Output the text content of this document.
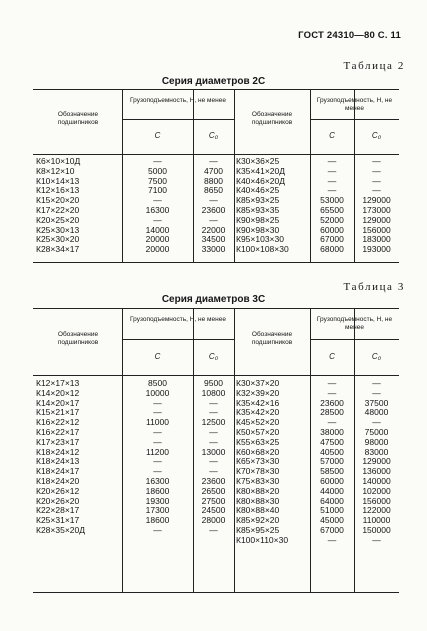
ГОСТ 24310—80 С. 11
Таблица 2
Серия диаметров 2С
Обозначение подшипников
Грузоподъемность, Н, не менее
C	C₀
Обозначение подшипников
Грузоподъемность, Н, не менее
C	C₀
К6×10×10Д	—	—	К30×36×25	—	—
К8×12×10	5000	4700	К35×41×20Д	—	—
К10×14×13	7500	8800	К40×46×20Д	—	—
К12×16×13	7100	8650	К40×46×25	—	—
К15×20×20	—	—	К85×93×25	53000	129000
К17×22×20	16300	23600	К85×93×35	65500	173000
К20×25×20	—	—	К90×98×25	52000	129000
К25×30×13	14000	22000	К90×98×30	60000	156000
К25×30×20	20000	34500	К95×103×30	67000	183000
К28×34×17	20000	33000	К100×108×30	68000	193000
Таблица 3
Серия диаметров 3С
Обозначение подшипников
Грузоподъемность, Н, не менее
C	C₀
Обозначение подшипников
Грузоподъемность, Н, не менее
C	C₀
К12×17×13	8500	9500	К30×37×20	—	—
К14×20×12	10000	10800	К32×39×20	—	—
К14×20×17	—	—	К35×42×16	23600	37500
К15×21×17	—	—	К35×42×20	28500	48000
К16×22×12	11000	12500	К45×52×20	—	—
К16×22×17	—	—	К50×57×20	38000	75000
К17×23×17	—	—	К55×63×25	47500	98000
К18×24×12	11200	13000	К60×68×20	40500	83000
К18×24×13	—	—	К65×73×30	57000	129000
К18×24×17	—	—	К70×78×30	58500	136000
К18×24×20	16300	23600	К75×83×30	60000	140000
К20×26×12	18600	26500	К80×88×20	44000	102000
К20×26×20	19300	27500	К80×88×30	64000	156000
К22×28×17	17300	24500	К80×88×40	51000	122000
К25×31×17	18600	28000	К85×92×20	45000	110000
К28×35×20Д	—	—	К85×95×25	67000	150000
К100×110×30	—	—
